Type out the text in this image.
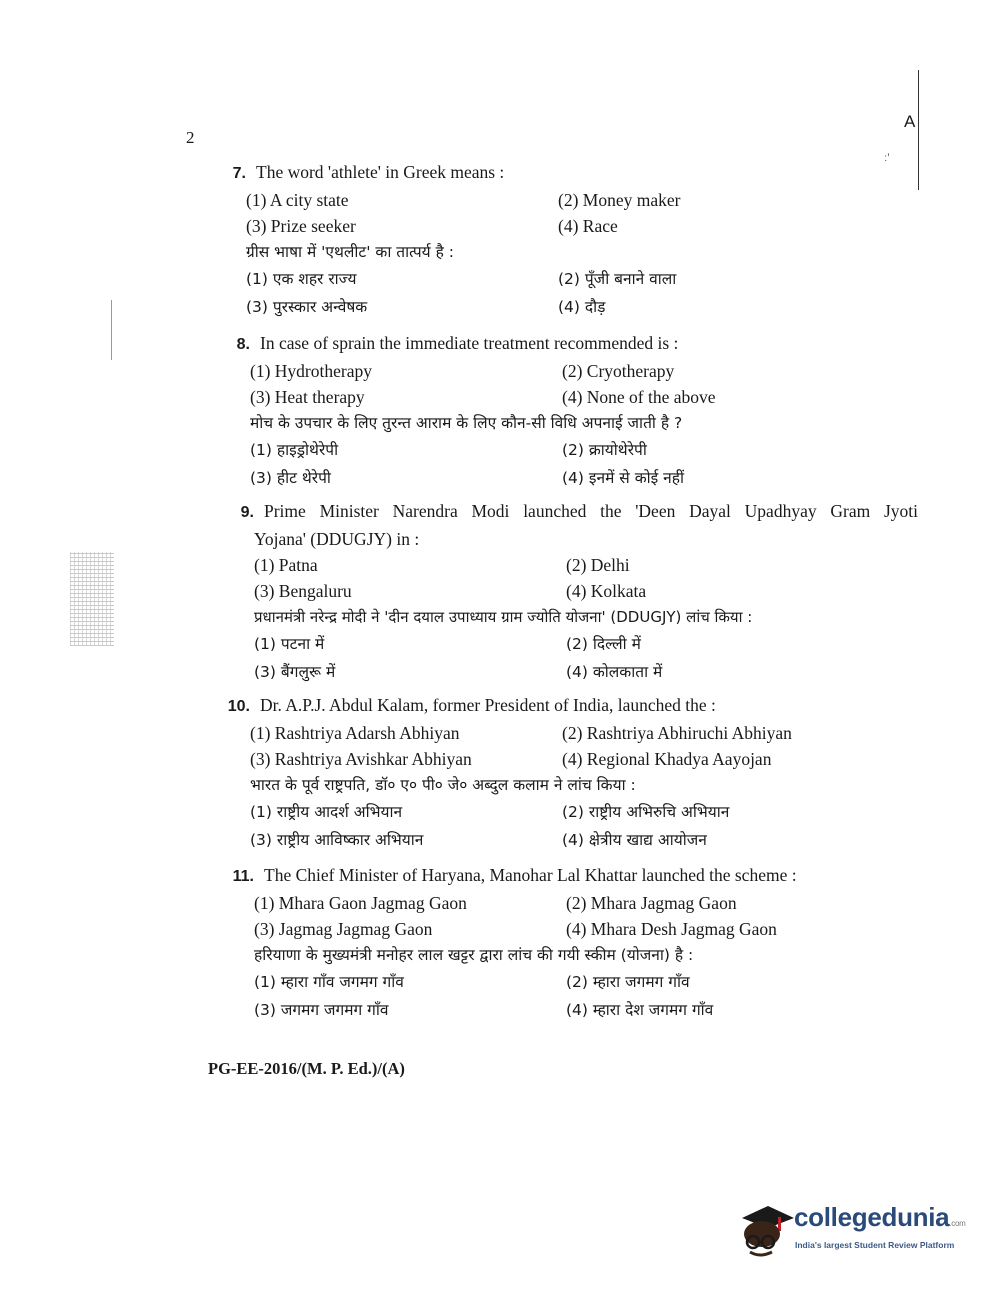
2
A
ː'
7. The word 'athlete' in Greek means :
(1) A city state	(2) Money maker
(3) Prize seeker	(4) Race
ग्रीस भाषा में 'एथलीट' का तात्पर्य है :
(1) एक शहर राज्य	(2) पूँजी बनाने वाला
(3) पुरस्कार अन्वेषक	(4) दौड़
8. In case of sprain the immediate treatment recommended is :
(1) Hydrotherapy	(2) Cryotherapy
(3) Heat therapy	(4) None of the above
मोच के उपचार के लिए तुरन्त आराम के लिए कौन-सी विधि अपनाई जाती है ?
(1) हाइड्रोथेरेपी	(2) क्रायोथेरेपी
(3) हीट थेरेपी	(4) इनमें से कोई नहीं
9. Prime Minister Narendra Modi launched the 'Deen Dayal Upadhyay Gram Jyoti
Yojana' (DDUGJY) in :
(1) Patna	(2) Delhi
(3) Bengaluru	(4) Kolkata
प्रधानमंत्री नरेन्द्र मोदी ने 'दीन दयाल उपाध्याय ग्राम ज्योति योजना' (DDUGJY) लांच किया :
(1) पटना में	(2) दिल्ली में
(3) बैंगलुरू में	(4) कोलकाता में
10. Dr. A.P.J. Abdul Kalam, former President of India, launched the :
(1) Rashtriya Adarsh Abhiyan	(2) Rashtriya Abhiruchi Abhiyan
(3) Rashtriya Avishkar Abhiyan	(4) Regional Khadya Aayojan
भारत के पूर्व राष्ट्रपति, डॉ० ए० पी० जे० अब्दुल कलाम ने लांच किया :
(1) राष्ट्रीय आदर्श अभियान	(2) राष्ट्रीय अभिरुचि अभियान
(3) राष्ट्रीय आविष्कार अभियान	(4) क्षेत्रीय खाद्य आयोजन
11. The Chief Minister of Haryana, Manohar Lal Khattar launched the scheme :
(1) Mhara Gaon Jagmag Gaon	(2) Mhara Jagmag Gaon
(3) Jagmag Jagmag Gaon	(4) Mhara Desh Jagmag Gaon
हरियाणा के मुख्यमंत्री मनोहर लाल खट्टर द्वारा लांच की गयी स्कीम (योजना) है :
(1) म्हारा गाँव जगमग गाँव	(2) म्हारा जगमग गाँव
(3) जगमग जगमग गाँव	(4) म्हारा देश जगमग गाँव
PG-EE-2016/(M. P. Ed.)/(A)
collegedunia.com
India's largest Student Review Platform
